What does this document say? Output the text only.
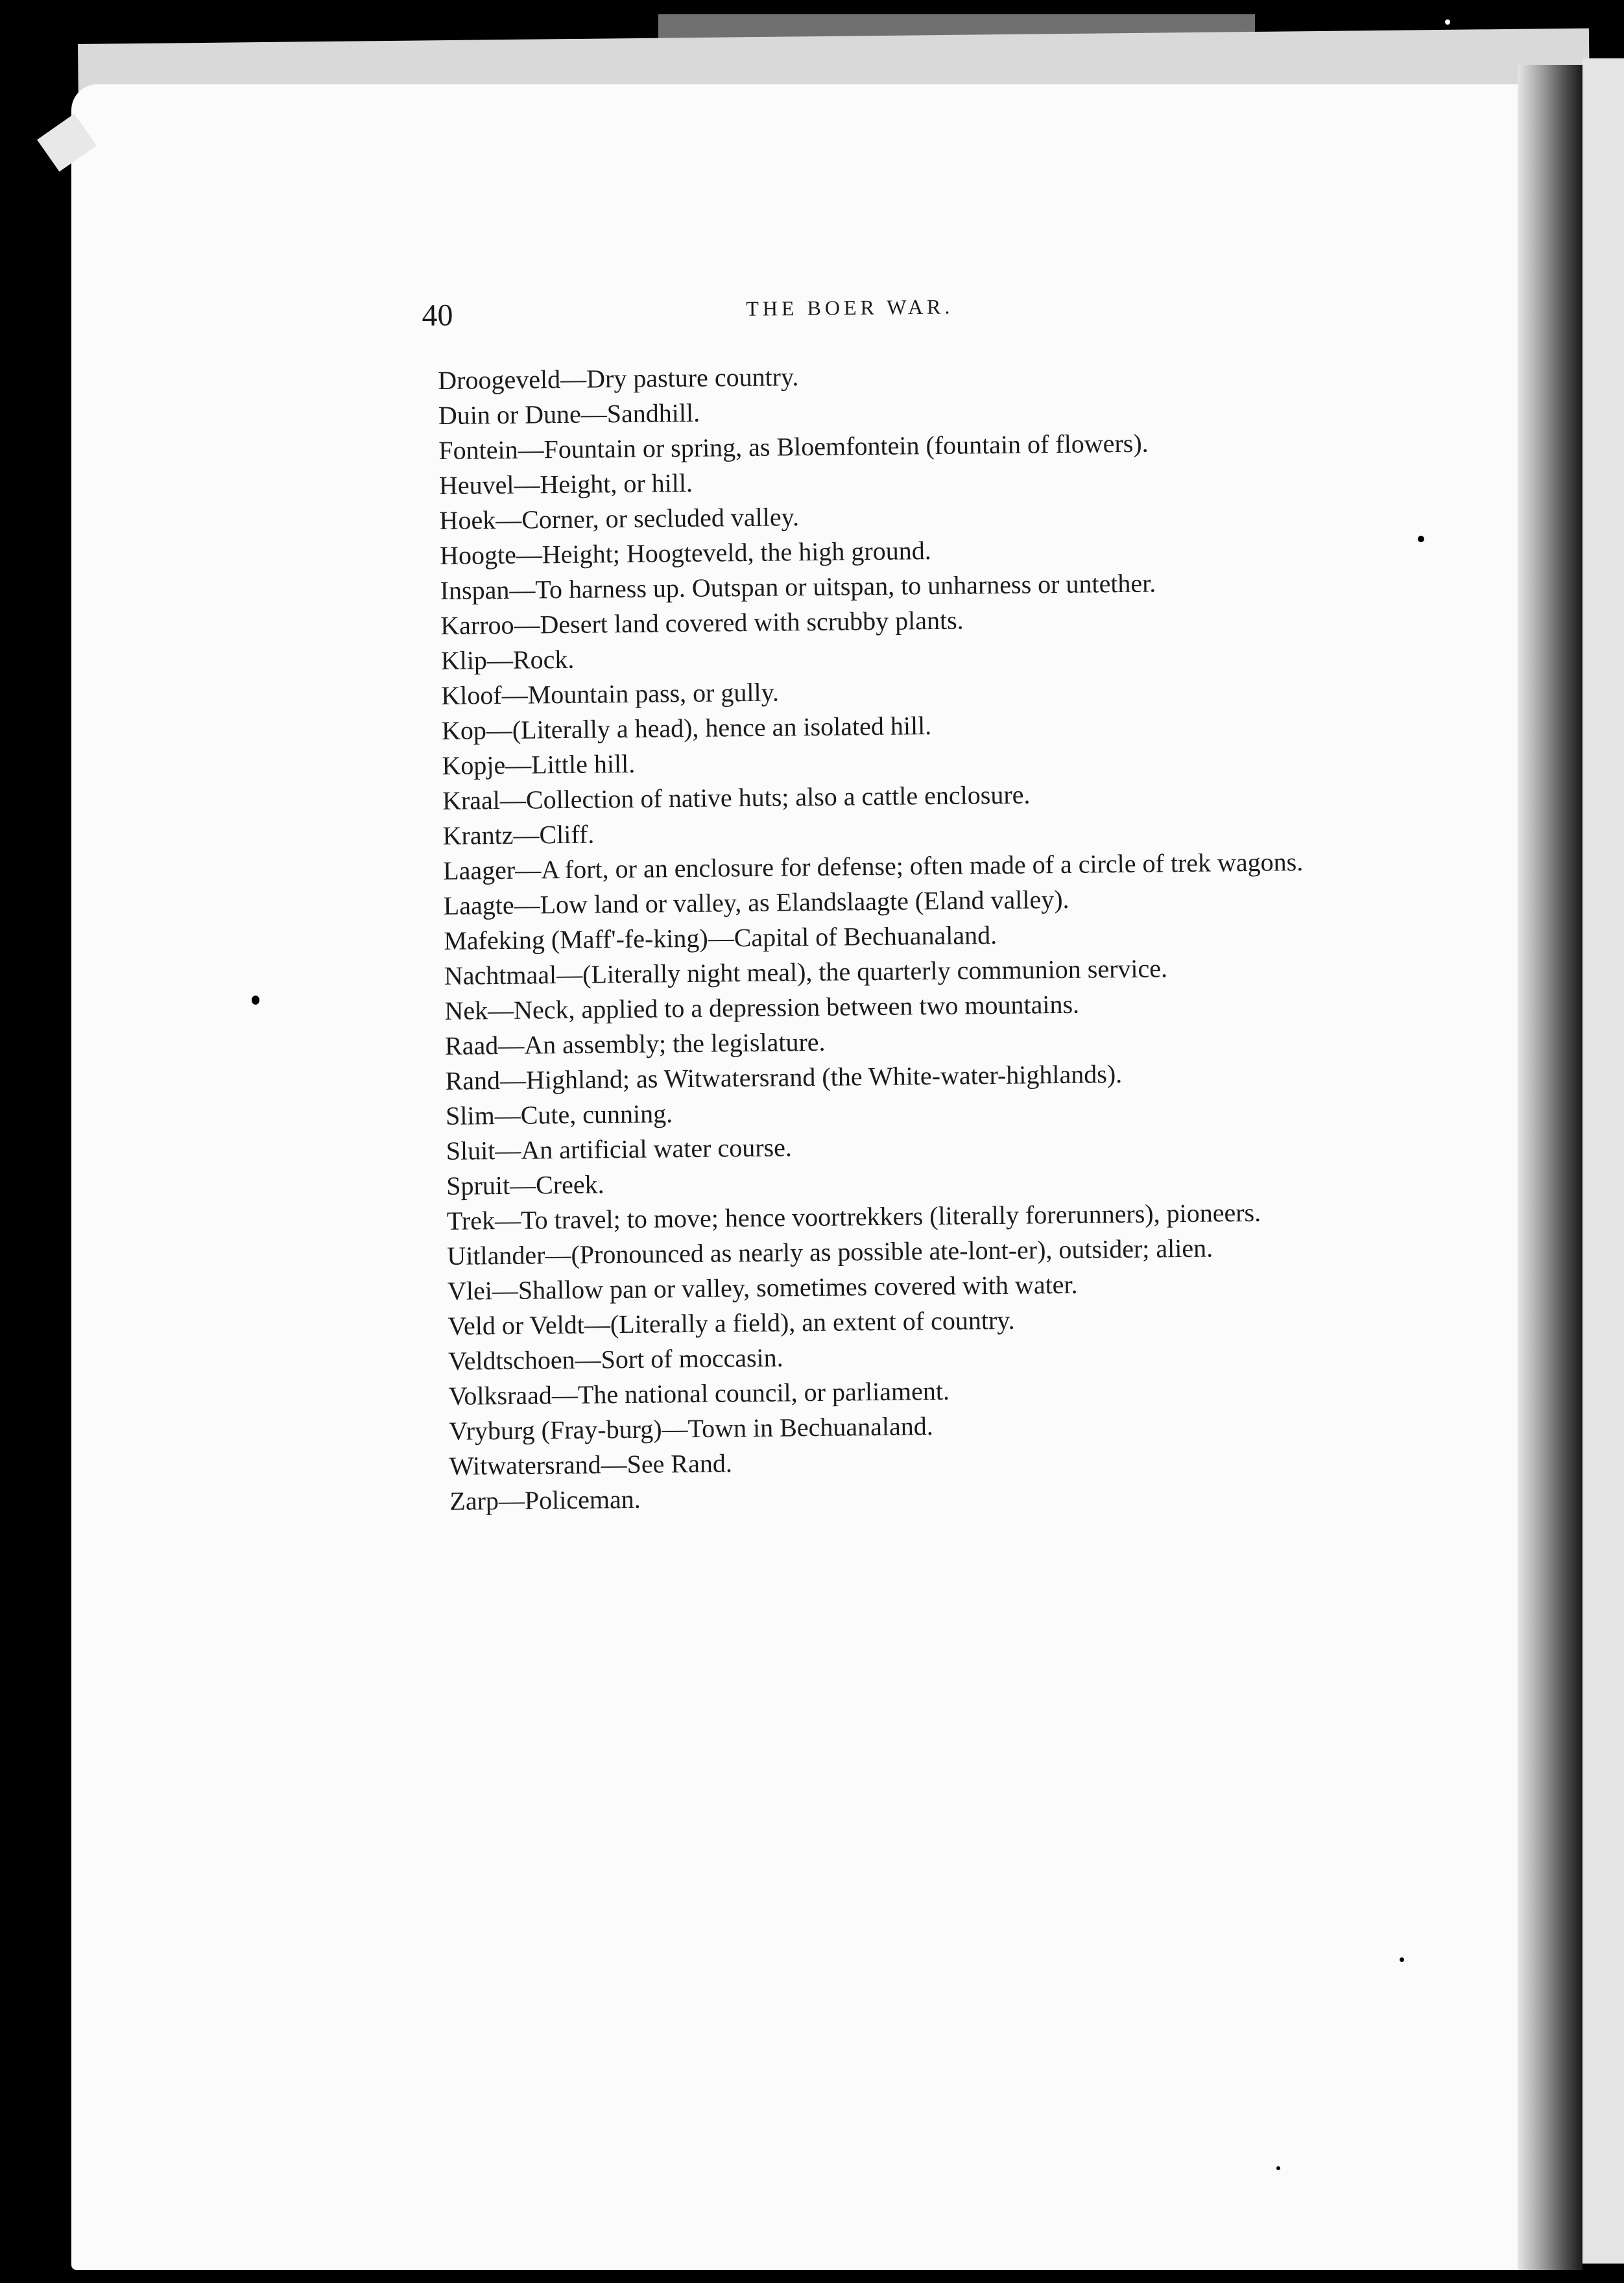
40	THE BOER WAR.

Droogeveld—Dry pasture country.

Duin or Dune—Sandhill.

Fontein—Fountain or spring, as Bloemfontein (fountain of flowers).

Heuvel—Height, or hill.

Hoek—Corner, or secluded valley.

Hoogte—Height; Hoogteveld, the high ground.

Inspan—To harness up. Outspan or uitspan, to unharness or untether.

Karroo—Desert land covered with scrubby plants.

Klip—Rock.

Kloof—Mountain pass, or gully.

Kop—(Literally a head), hence an isolated hill.

Kopje—Little hill.

Kraal—Collection of native huts; also a cattle enclosure.

Krantz—Cliff.

Laager—A fort, or an enclosure for defense; often made of a circle of trek wagons.

Laagte—Low land or valley, as Elandslaagte (Eland valley).

Mafeking (Maff'-fe-king)—Capital of Bechuanaland.

Nachtmaal—(Literally night meal), the quarterly communion service.

Nek—Neck, applied to a depression between two mountains.

Raad—An assembly; the legislature.

Rand—Highland; as Witwatersrand (the White-water-highlands).

Slim—Cute, cunning.

Sluit—An artificial water course.

Spruit—Creek.

Trek—To travel; to move; hence voortrekkers (literally forerunners), pioneers.

Uitlander—(Pronounced as nearly as possible ate-lont-er), outsider; alien.

Vlei—Shallow pan or valley, sometimes covered with water.

Veld or Veldt—(Literally a field), an extent of country.

Veldtschoen—Sort of moccasin.

Volksraad—The national council, or parliament.

Vryburg (Fray-burg)—Town in Bechuanaland.

Witwatersrand—See Rand.

Zarp—Policeman.
